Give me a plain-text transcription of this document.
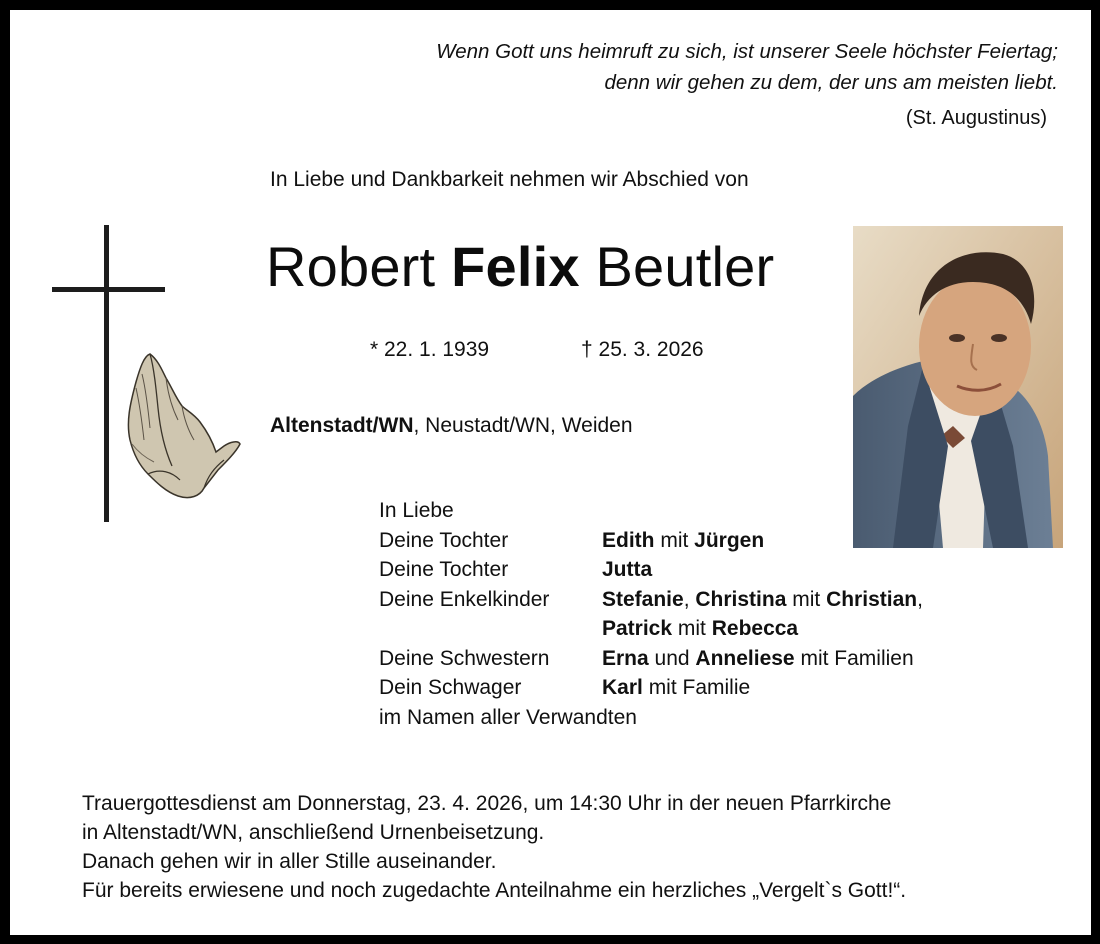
Wenn Gott uns heimruft zu sich, ist unserer Seele höchster Feiertag;
denn wir gehen zu dem, der uns am meisten liebt.
(St. Augustinus)
In Liebe und Dankbarkeit nehmen wir Abschied von
Robert Felix Beutler
* 22. 1. 1939	† 25. 3. 2026
Altenstadt/WN, Neustadt/WN, Weiden
In Liebe
Deine Tochter	Edith mit Jürgen
Deine Tochter	Jutta
Deine Enkelkinder	Stefanie, Christina mit Christian,
Patrick mit Rebecca
Deine Schwestern	Erna und Anneliese mit Familien
Dein Schwager	Karl mit Familie
im Namen aller Verwandten
Trauergottesdienst am Donnerstag, 23. 4. 2026, um 14:30 Uhr in der neuen Pfarrkirche
in Altenstadt/WN, anschließend Urnenbeisetzung.
Danach gehen wir in aller Stille auseinander.
Für bereits erwiesene und noch zugedachte Anteilnahme ein herzliches „Vergelt`s Gott!“.
